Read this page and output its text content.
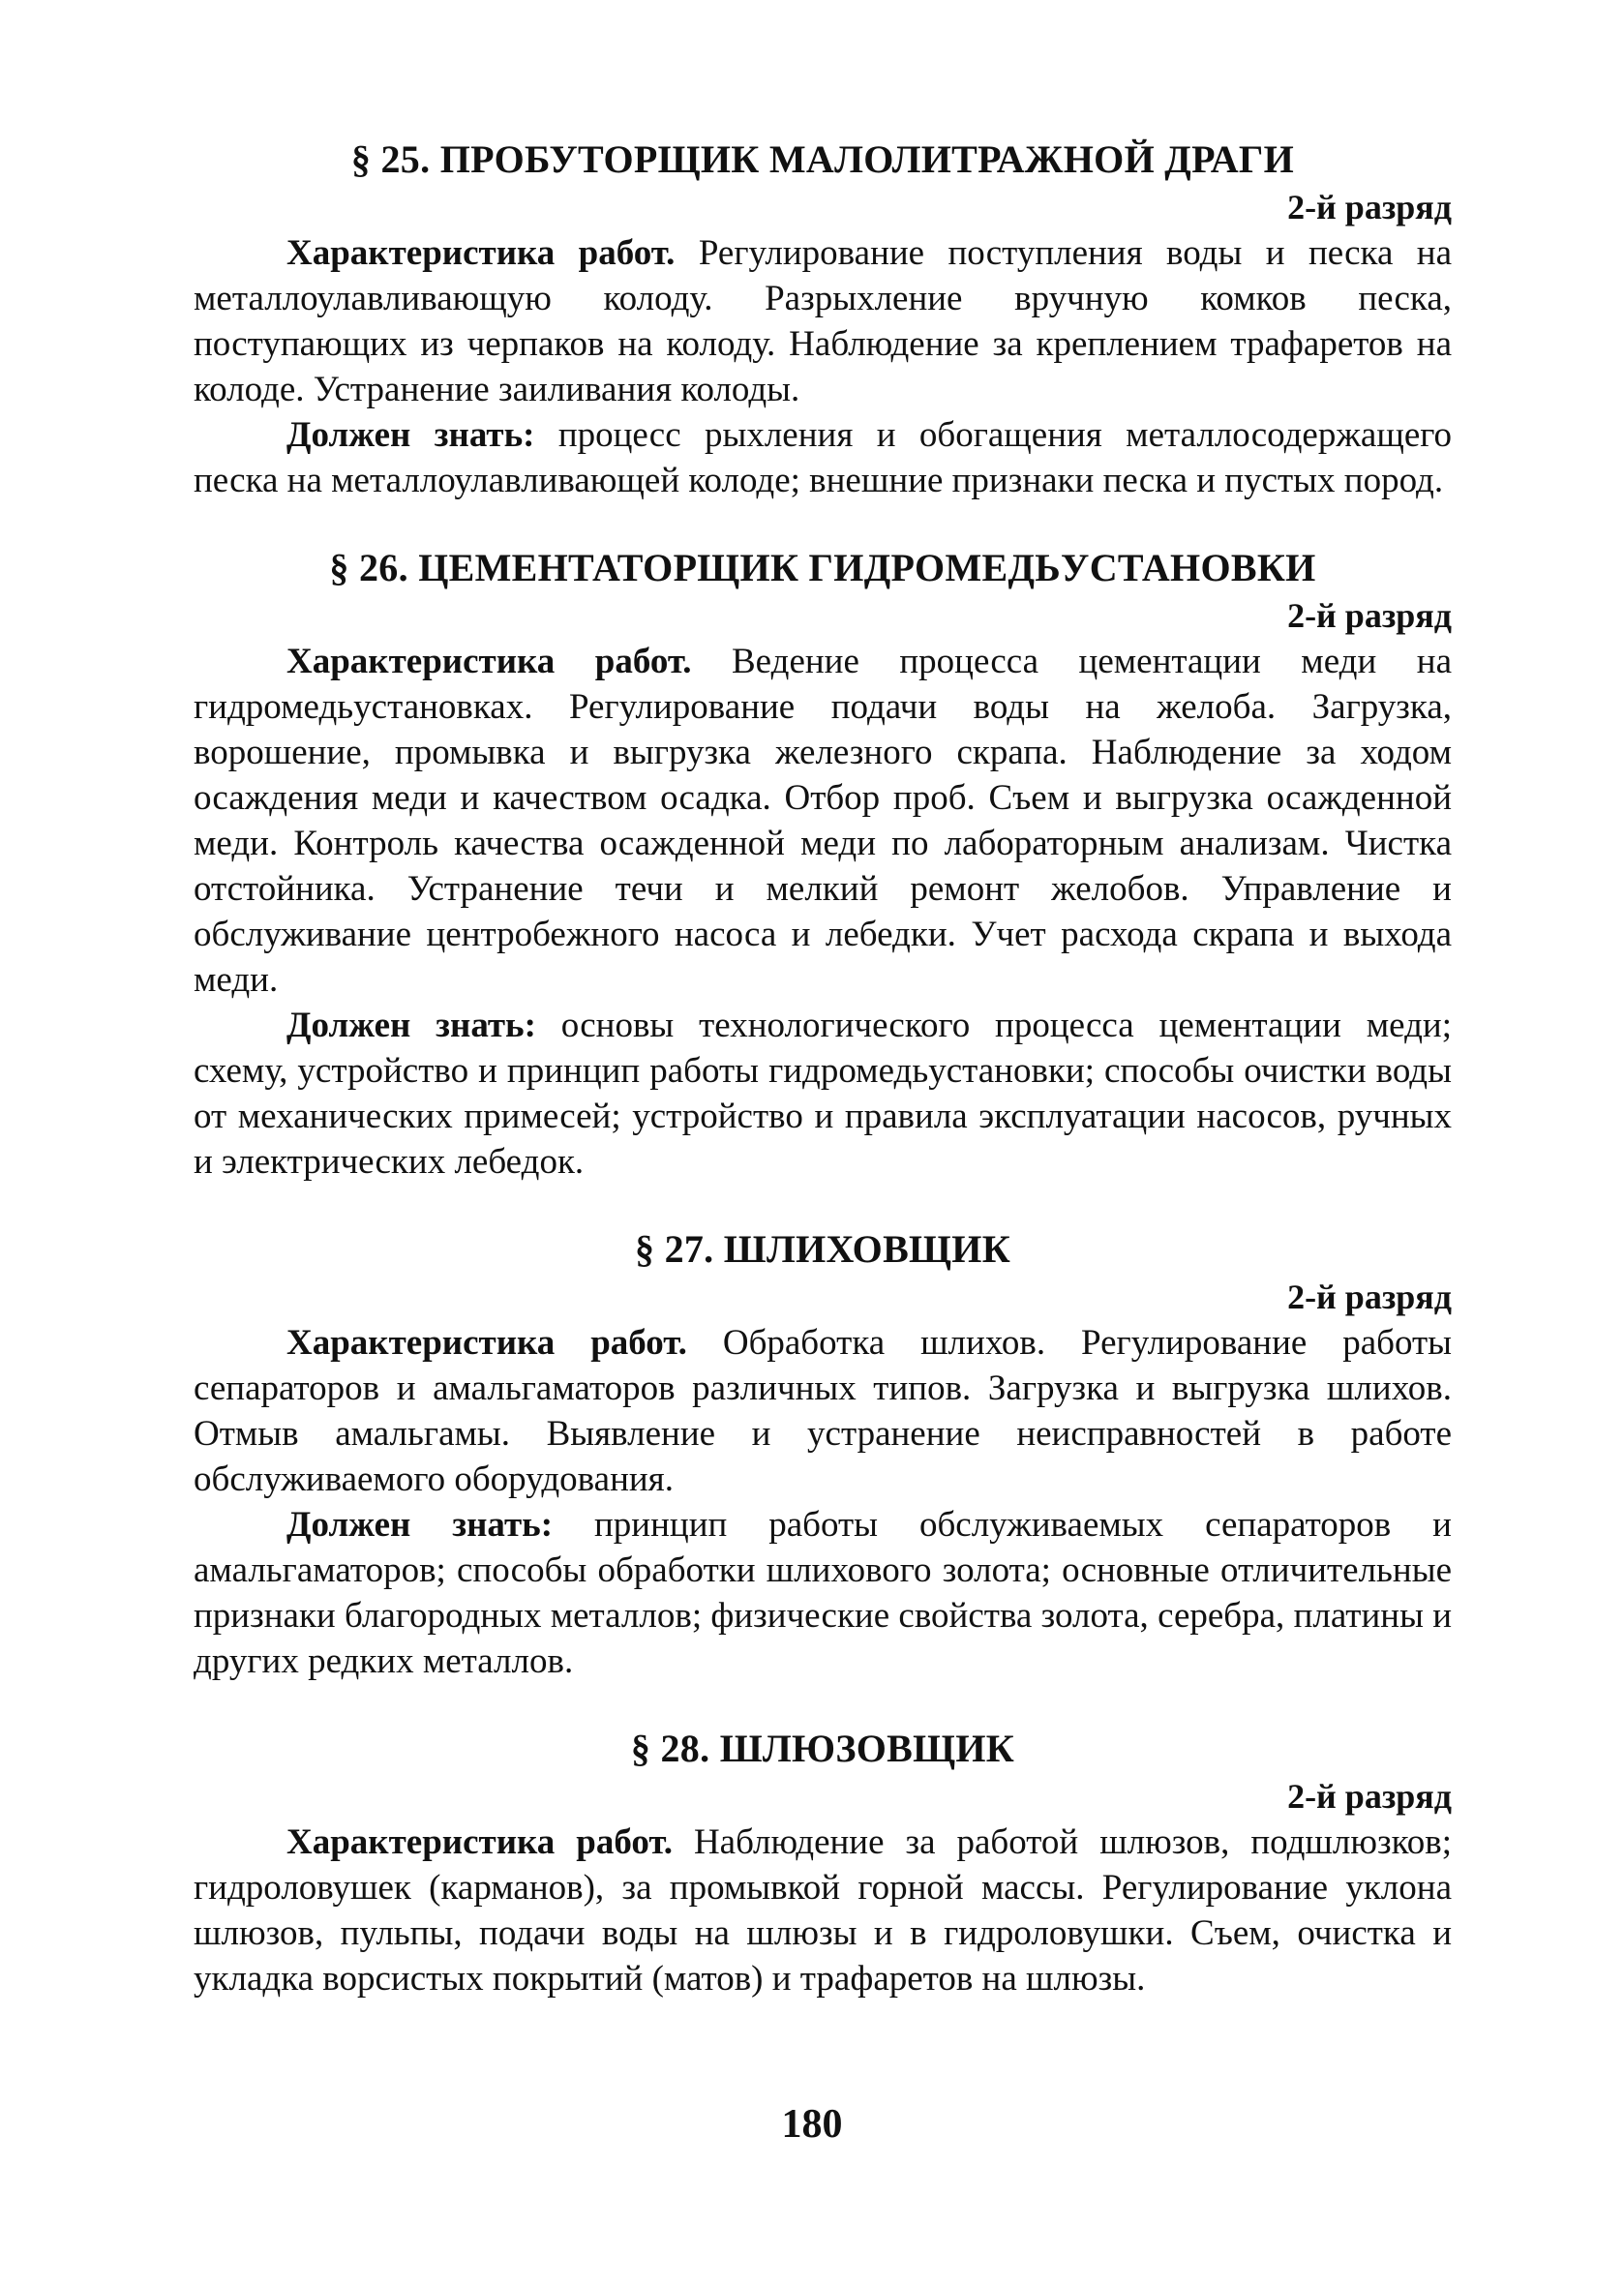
§ 25. ПРОБУТОРЩИК МАЛОЛИТРАЖНОЙ ДРАГИ

2-й разряд

Характеристика работ. Регулирование поступления воды и песка на металлоулавливающую колоду. Разрыхление вручную комков песка, поступающих из черпаков на колоду. Наблюдение за креплением трафаретов на колоде. Устранение заиливания колоды.

Должен знать: процесс рыхления и обогащения металлосодержащего песка на металлоулавливающей колоде; внешние признаки песка и пустых пород.

§ 26. ЦЕМЕНТАТОРЩИК ГИДРОМЕДЬУСТАНОВКИ

2-й разряд

Характеристика работ. Ведение процесса цементации меди на гидромедьустановках. Регулирование подачи воды на желоба. Загрузка, ворошение, промывка и выгрузка железного скрапа. Наблюдение за ходом осаждения меди и качеством осадка. Отбор проб. Съем и выгрузка осажденной меди. Контроль качества осажденной меди по лабораторным анализам. Чистка отстойника. Устранение течи и мелкий ремонт желобов. Управление и обслуживание центробежного насоса и лебедки. Учет расхода скрапа и выхода меди.

Должен знать: основы технологического процесса цементации меди; схему, устройство и принцип работы гидромедьустановки; способы очистки воды от механических примесей; устройство и правила эксплуатации насосов, ручных и электрических лебедок.

§ 27. ШЛИХОВЩИК

2-й разряд

Характеристика работ. Обработка шлихов. Регулирование работы сепараторов и амальгаматоров различных типов. Загрузка и выгрузка шлихов. Отмыв амальгамы. Выявление и устранение неисправностей в работе обслуживаемого оборудования.

Должен знать: принцип работы обслуживаемых сепараторов и амальгаматоров; способы обработки шлихового золота; основные отличительные признаки благородных металлов; физические свойства золота, серебра, платины и других редких металлов.

§ 28. ШЛЮЗОВЩИК

2-й разряд

Характеристика работ. Наблюдение за работой шлюзов, подшлюзков; гидроловушек (карманов), за промывкой горной массы. Регулирование уклона шлюзов, пульпы, подачи воды на шлюзы и в гидроловушки. Съем, очистка и укладка ворсистых покрытий (матов) и трафаретов на шлюзы.

180
